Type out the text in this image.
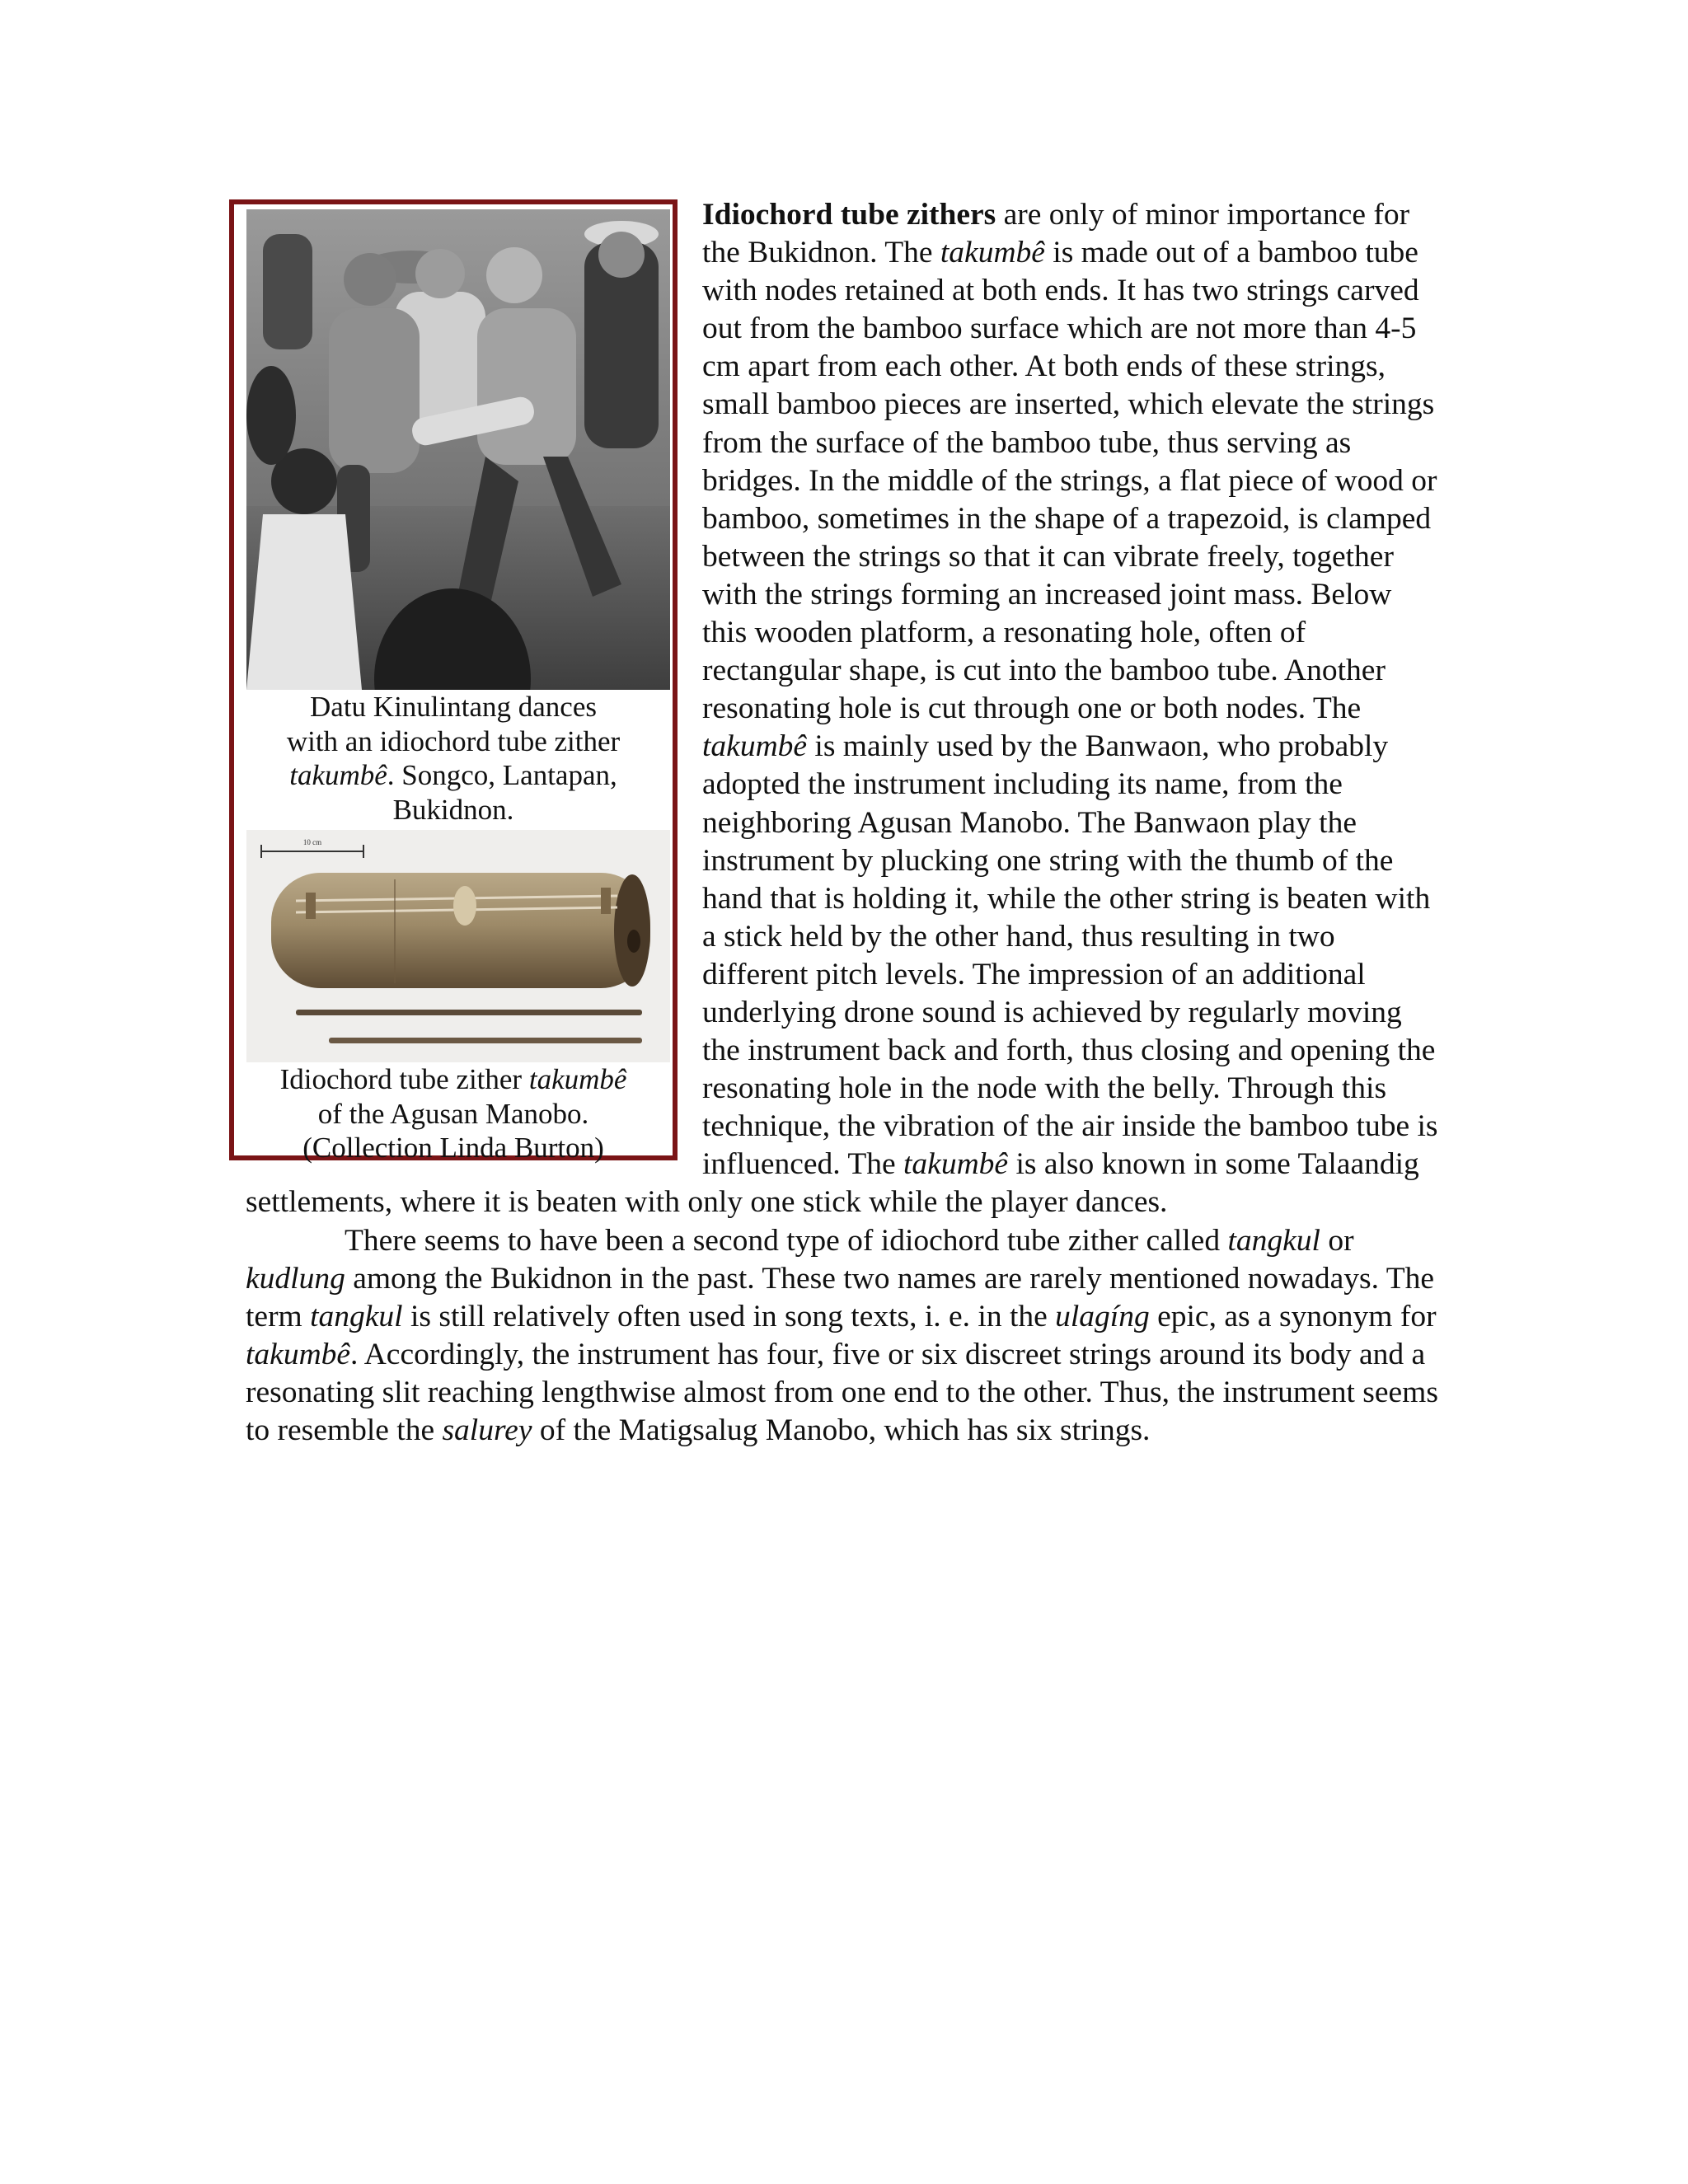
Datu Kinulintang dances
with an idiochord tube zither
takumbê. Songco, Lantapan, Bukidnon.

10 cm

Idiochord tube zither takumbê
of the Agusan Manobo.
(Collection Linda Burton)

Idiochord tube zithers are only of minor importance for the Bukidnon. The takumbê is made out of a bamboo tube with nodes retained at both ends. It has two strings carved out from the bamboo surface which are not more than 4-5 cm apart from each other. At both ends of these strings, small bamboo pieces are inserted, which elevate the strings from the surface of the bamboo tube, thus serving as bridges. In the middle of the strings, a flat piece of wood or bamboo, sometimes in the shape of a trapezoid, is clamped between the strings so that it can vibrate freely, together with the strings forming an increased joint mass. Below this wooden platform, a resonating hole, often of rectangular shape, is cut into the bamboo tube. Another resonating hole is cut through one or both nodes. The takumbê is mainly used by the Banwaon, who probably adopted the instrument including its name, from the neighboring Agusan Manobo. The Banwaon play the instrument by plucking one string with the thumb of the hand that is holding it, while the other string is beaten with a stick held by the other hand, thus resulting in two different pitch levels. The impression of an additional underlying drone sound is achieved by regularly moving the instrument back and forth, thus closing and opening the resonating hole in the node with the belly. Through this technique, the vibration of the air inside the bamboo tube is influenced. The takumbê is also known in some Talaandig settlements, where it is beaten with only one stick while the player dances.

There seems to have been a second type of idiochord tube zither called tangkul or kudlung among the Bukidnon in the past. These two names are rarely mentioned nowadays. The term tangkul is still relatively often used in song texts, i. e. in the ulagíng epic, as a synonym for takumbê. Accordingly, the instrument has four, five or six discreet strings around its body and a resonating slit reaching lengthwise almost from one end to the other. Thus, the instrument seems to resemble the salurey of the Matigsalug Manobo, which has six strings.
